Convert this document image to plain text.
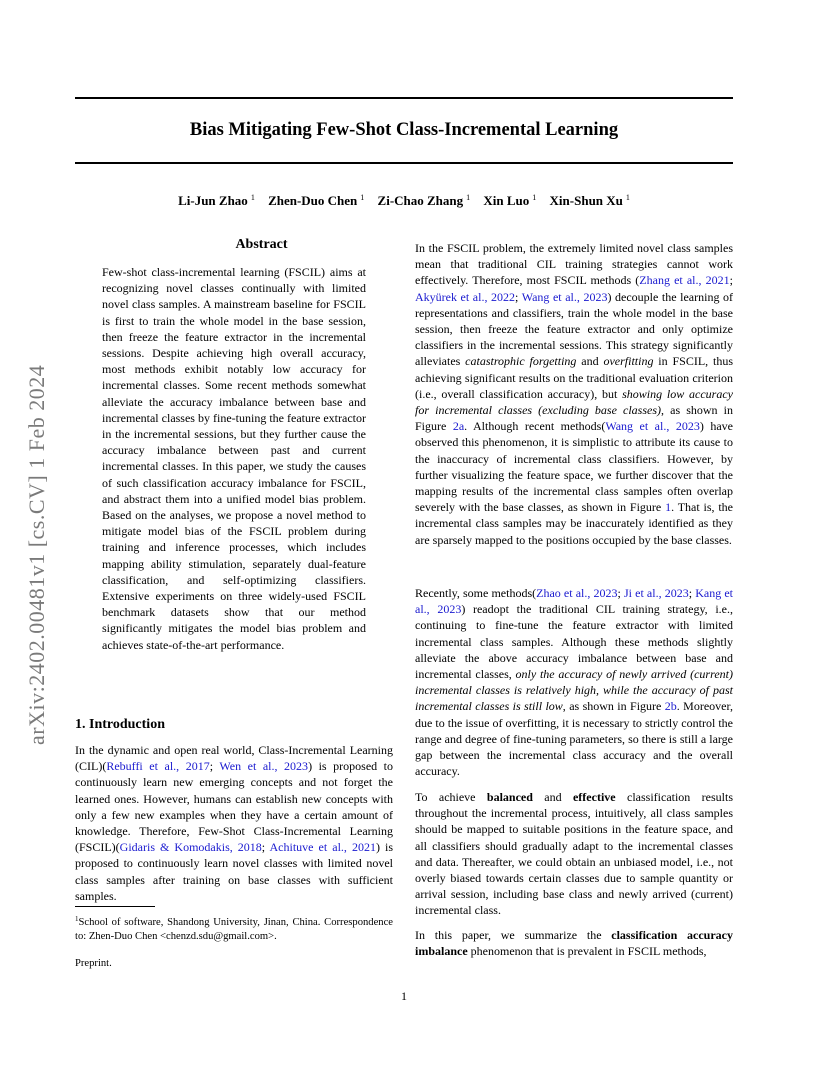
Bias Mitigating Few-Shot Class-Incremental Learning
Li-Jun Zhao $^1$ Zhen-Duo Chen $^1$ Zi-Chao Zhang $^1$ Xin Luo $^1$ Xin-Shun Xu $^1$
arXiv:2402.00481v1 [cs.CV] 1 Feb 2024
Abstract
Few-shot class-incremental learning (FSCIL) aims at recognizing novel classes continually with limited novel class samples. A mainstream baseline for FSCIL is first to train the whole model in the base session, then freeze the feature extractor in the incremental sessions. Despite achieving high overall accuracy, most methods exhibit notably low accuracy for incremental classes. Some recent methods somewhat alleviate the accuracy imbalance between base and incremental classes by fine-tuning the feature extractor in the incremental sessions, but they further cause the accuracy imbalance between past and current incremental classes. In this paper, we study the causes of such classification accuracy imbalance for FSCIL, and abstract them into a unified model bias problem. Based on the analyses, we propose a novel method to mitigate model bias of the FSCIL problem during training and inference processes, which includes mapping ability stimulation, separately dual-feature classification, and self-optimizing classifiers. Extensive experiments on three widely-used FSCIL benchmark datasets show that our method significantly mitigates the model bias problem and achieves state-of-the-art performance.
1. Introduction
In the dynamic and open real world, Class-Incremental Learning (CIL)(Rebuffi et al., 2017; Wen et al., 2023) is proposed to continuously learn new emerging concepts and not forget the learned ones. However, humans can establish new concepts with only a few new examples when they have a certain amount of knowledge. Therefore, Few-Shot Class-Incremental Learning (FSCIL)(Gidaris & Komodakis, 2018; Achituve et al., 2021) is proposed to continuously learn novel classes with limited novel class samples after training on base classes with sufficient samples.
$^1$School of software, Shandong University, Jinan, China. Correspondence to: Zhen-Duo Chen <chenzd.sdu@gmail.com>.
Preprint.
In the FSCIL problem, the extremely limited novel class samples mean that traditional CIL training strategies cannot work effectively. Therefore, most FSCIL methods (Zhang et al., 2021; Akyürek et al., 2022; Wang et al., 2023) decouple the learning of representations and classifiers, train the whole model in the base session, then freeze the feature extractor and only optimize classifiers in the incremental sessions. This strategy significantly alleviates catastrophic forgetting and overfitting in FSCIL, thus achieving significant results on the traditional evaluation criterion (i.e., overall classification accuracy), but showing low accuracy for incremental classes (excluding base classes), as shown in Figure 2a. Although recent methods(Wang et al., 2023) have observed this phenomenon, it is simplistic to attribute its cause to the inaccuracy of incremental class classifiers. However, by further visualizing the feature space, we further discover that the mapping results of the incremental class samples often overlap severely with the base classes, as shown in Figure 1. That is, the incremental class samples may be inaccurately identified as they are sparsely mapped to the positions occupied by the base classes.
Recently, some methods(Zhao et al., 2023; Ji et al., 2023; Kang et al., 2023) readopt the traditional CIL training strategy, i.e., continuing to fine-tune the feature extractor with limited incremental class samples. Although these methods slightly alleviate the above accuracy imbalance between base and incremental classes, only the accuracy of newly arrived (current) incremental classes is relatively high, while the accuracy of past incremental classes is still low, as shown in Figure 2b. Moreover, due to the issue of overfitting, it is necessary to strictly control the range and degree of fine-tuning parameters, so there is still a large gap between the incremental class accuracy and the overall accuracy.
To achieve balanced and effective classification results throughout the incremental process, intuitively, all class samples should be mapped to suitable positions in the feature space, and all classifiers should gradually adapt to the incremental classes and data. Thereafter, we could obtain an unbiased model, i.e., not overly biased towards certain classes due to sample quantity or arrival session, including base class and newly arrived (current) incremental class.
In this paper, we summarize the classification accuracy imbalance phenomenon that is prevalent in FSCIL methods,
1
